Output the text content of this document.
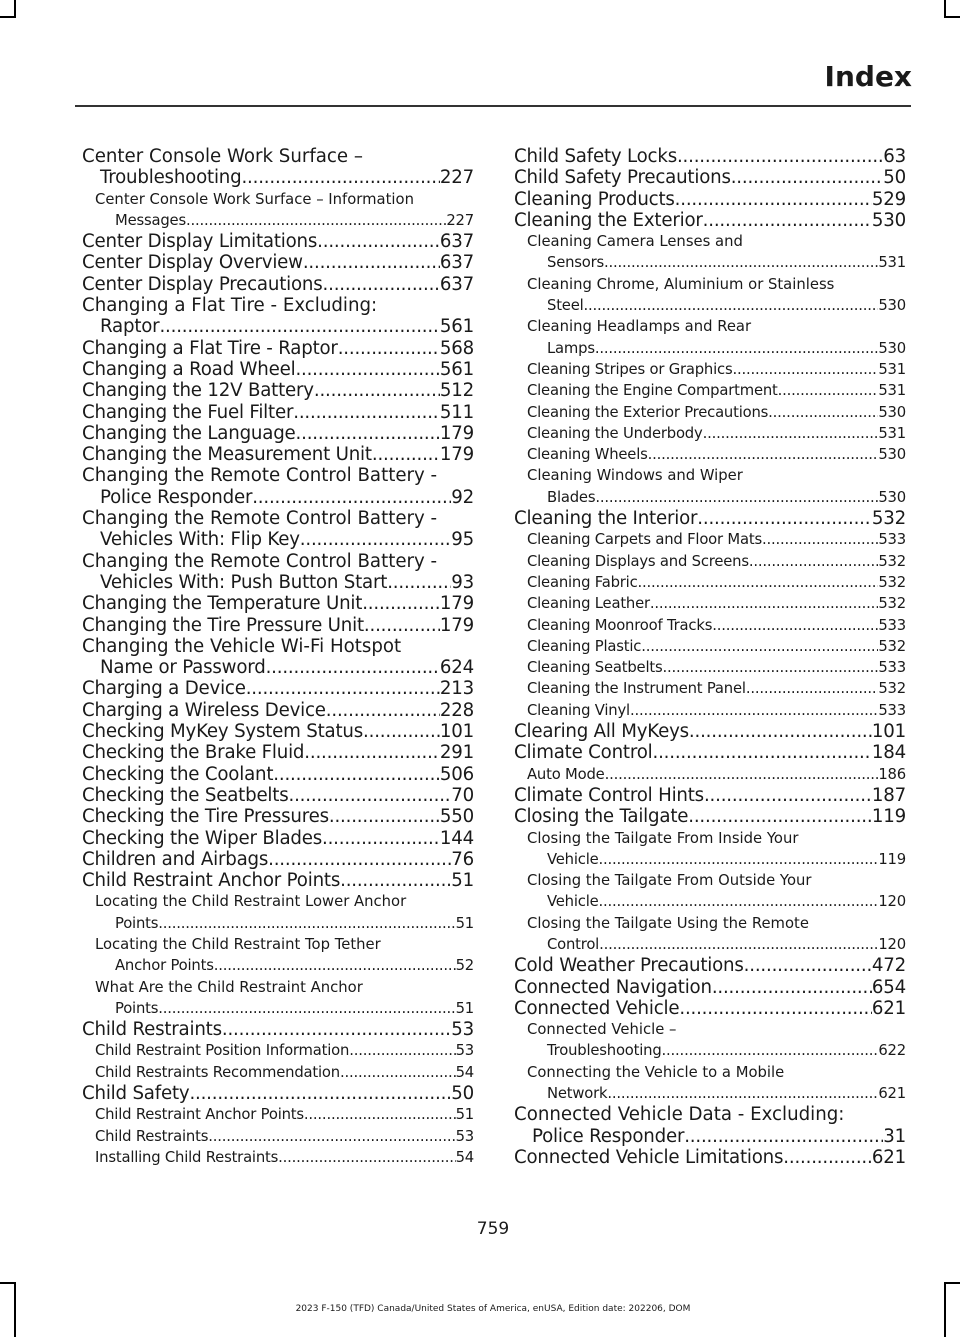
Index
Center Console Work Surface –
Troubleshooting .....	227
Center Console Work Surface – Information
Messages .....	227
Center Display Limitations .....	637
Center Display Overview .....	637
Center Display Precautions .....	637
Changing a Flat Tire - Excluding:
Raptor .....	561
Changing a Flat Tire - Raptor .....	568
Changing a Road Wheel .....	561
Changing the 12V Battery .....	512
Changing the Fuel Filter .....	511
Changing the Language .....	179
Changing the Measurement Unit .....	179
Changing the Remote Control Battery -
Police Responder .....	92
Changing the Remote Control Battery -
Vehicles With: Flip Key .....	95
Changing the Remote Control Battery -
Vehicles With: Push Button Start .....	93
Changing the Temperature Unit .....	179
Changing the Tire Pressure Unit .....	179
Changing the Vehicle Wi-Fi Hotspot
Name or Password .....	624
Charging a Device .....	213
Charging a Wireless Device .....	228
Checking MyKey System Status .....	101
Checking the Brake Fluid .....	291
Checking the Coolant .....	506
Checking the Seatbelts .....	70
Checking the Tire Pressures .....	550
Checking the Wiper Blades .....	144
Children and Airbags .....	76
Child Restraint Anchor Points .....	51
Locating the Child Restraint Lower Anchor
Points .....	51
Locating the Child Restraint Top Tether
Anchor Points .....	52
What Are the Child Restraint Anchor
Points .....	51
Child Restraints .....	53
Child Restraint Position Information .....	53
Child Restraints Recommendation .....	54
Child Safety .....	50
Child Restraint Anchor Points .....	51
Child Restraints .....	53
Installing Child Restraints .....	54
Child Safety Locks .....	63
Child Safety Precautions .....	50
Cleaning Products .....	529
Cleaning the Exterior .....	530
Cleaning Camera Lenses and
Sensors .....	531
Cleaning Chrome, Aluminium or Stainless
Steel .....	530
Cleaning Headlamps and Rear
Lamps .....	530
Cleaning Stripes or Graphics .....	531
Cleaning the Engine Compartment .....	531
Cleaning the Exterior Precautions .....	530
Cleaning the Underbody .....	531
Cleaning Wheels .....	530
Cleaning Windows and Wiper
Blades .....	530
Cleaning the Interior .....	532
Cleaning Carpets and Floor Mats .....	533
Cleaning Displays and Screens .....	532
Cleaning Fabric .....	532
Cleaning Leather .....	532
Cleaning Moonroof Tracks .....	533
Cleaning Plastic .....	532
Cleaning Seatbelts .....	533
Cleaning the Instrument Panel .....	532
Cleaning Vinyl .....	533
Clearing All MyKeys .....	101
Climate Control .....	184
Auto Mode .....	186
Climate Control Hints .....	187
Closing the Tailgate .....	119
Closing the Tailgate From Inside Your
Vehicle .....	119
Closing the Tailgate From Outside Your
Vehicle .....	120
Closing the Tailgate Using the Remote
Control .....	120
Cold Weather Precautions .....	472
Connected Navigation .....	654
Connected Vehicle .....	621
Connected Vehicle –
Troubleshooting .....	622
Connecting the Vehicle to a Mobile
Network .....	621
Connected Vehicle Data - Excluding:
Police Responder .....	31
Connected Vehicle Limitations .....	621
759
2023 F-150 (TFD) Canada/United States of America, enUSA, Edition date: 202206, DOM
